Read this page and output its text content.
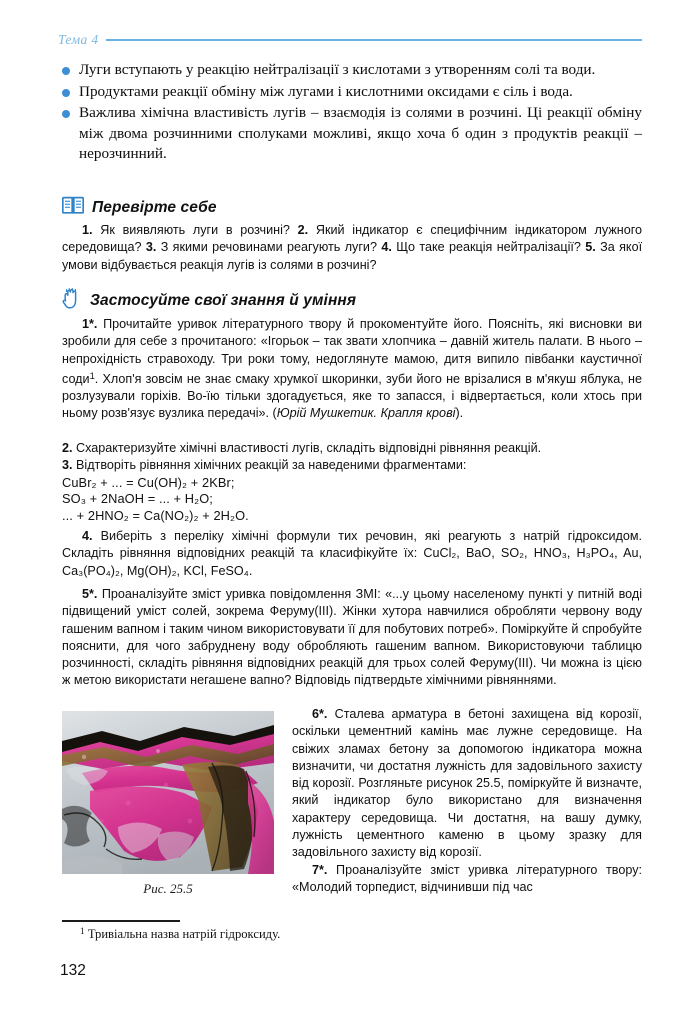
Тема 4
Луги вступають у реакцію нейтралізації з кислотами з утворенням солі та води.
Продуктами реакції обміну між лугами і кислотними оксидами є сіль і вода.
Важлива хімічна властивість лугів – взаємодія із солями в розчині. Ці реакції обміну між двома розчинними сполуками можливі, якщо хоча б один з продуктів реакції – нерозчинний.
Перевірте себе

1. Як виявляють луги в розчині? 2. Який індикатор є специфічним індикатором лужного середовища? 3. З якими речовинами реагують луги? 4. Що таке реакція нейтралізації? 5. За якої умови відбувається реакція лугів із солями в розчині?

Застосуйте свої знання й уміння

1*. Прочитайте уривок літературного твору й прокоментуйте його. Поясніть, які висновки ви зробили для себе з прочитаного: «Ігорьок – так звати хлопчика – давній житель палати. В нього – непрохідність стравоходу. Три роки тому, недоглянуте мамою, дитя випило півбанки каустичної соди$^1$. Хлоп'я зовсім не знає смаку хрумкої шкоринки, зуби його не врізалися в м'якуш яблука, не розлузували горіхів. Во-їю тільки здогадується, яке то запасся, і відвертається, коли хтось при ньому розв'язує вузлика передачі». (Юрій Мушкетик. Крапля крові).

2. Схарактеризуйте хімічні властивості лугів, складіть відповідні рівняння реакцій.

3. Відтворіть рівняння хімічних реакцій за наведеними фрагментами:

CuBr₂ + ... = Cu(OH)₂ + 2KBr;
SO₃ + 2NaOH = ... + H₂O;
... + 2HNO₂ = Ca(NO₂)₂ + 2H₂O.

4. Виберіть з переліку хімічні формули тих речовин, які реагують з натрій гідроксидом. Складіть рівняння відповідних реакцій та класифікуйте їх: CuCl₂, BaO, SO₂, HNO₃, H₃PO₄, Au, Ca₃(PO₄)₂, Mg(OH)₂, KCl, FeSO₄.

5*. Проаналізуйте зміст уривка повідомлення ЗМІ: «...у цьому населеному пункті у питній воді підвищений уміст солей, зокрема Феруму(III). Жінки хутора навчилися обробляти червону воду гашеним вапном і таким чином використовувати її для побутових потреб». Поміркуйте й спробуйте пояснити, для чого забруднену воду обробляють гашеним вапном. Використовуючи таблицю розчинності, складіть рівняння відповідних реакцій для трьох солей Феруму(III). Чи можна із цією ж метою використати негашене вапно? Відповідь підтвердьте хімічними рівняннями.

Рис. 25.5

6*. Сталева арматура в бетоні захищена від корозії, оскільки цементний камінь має лужне середовище. На свіжих зламах бетону за допомогою індикатора можна визначити, чи достатня лужність для задовільного захисту від корозії. Розгляньте рисунок 25.5, поміркуйте й визначте, який індикатор було використано для визначення характеру середовища. Чи достатня, на вашу думку, лужність цементного каменю в цьому зразку для задовільного захисту від корозії.

7*. Проаналізуйте зміст уривка літературного твору: «Молодий торпедист, відчинивши під час

$^1$ Тривіальна назва натрій гідроксиду.
132
